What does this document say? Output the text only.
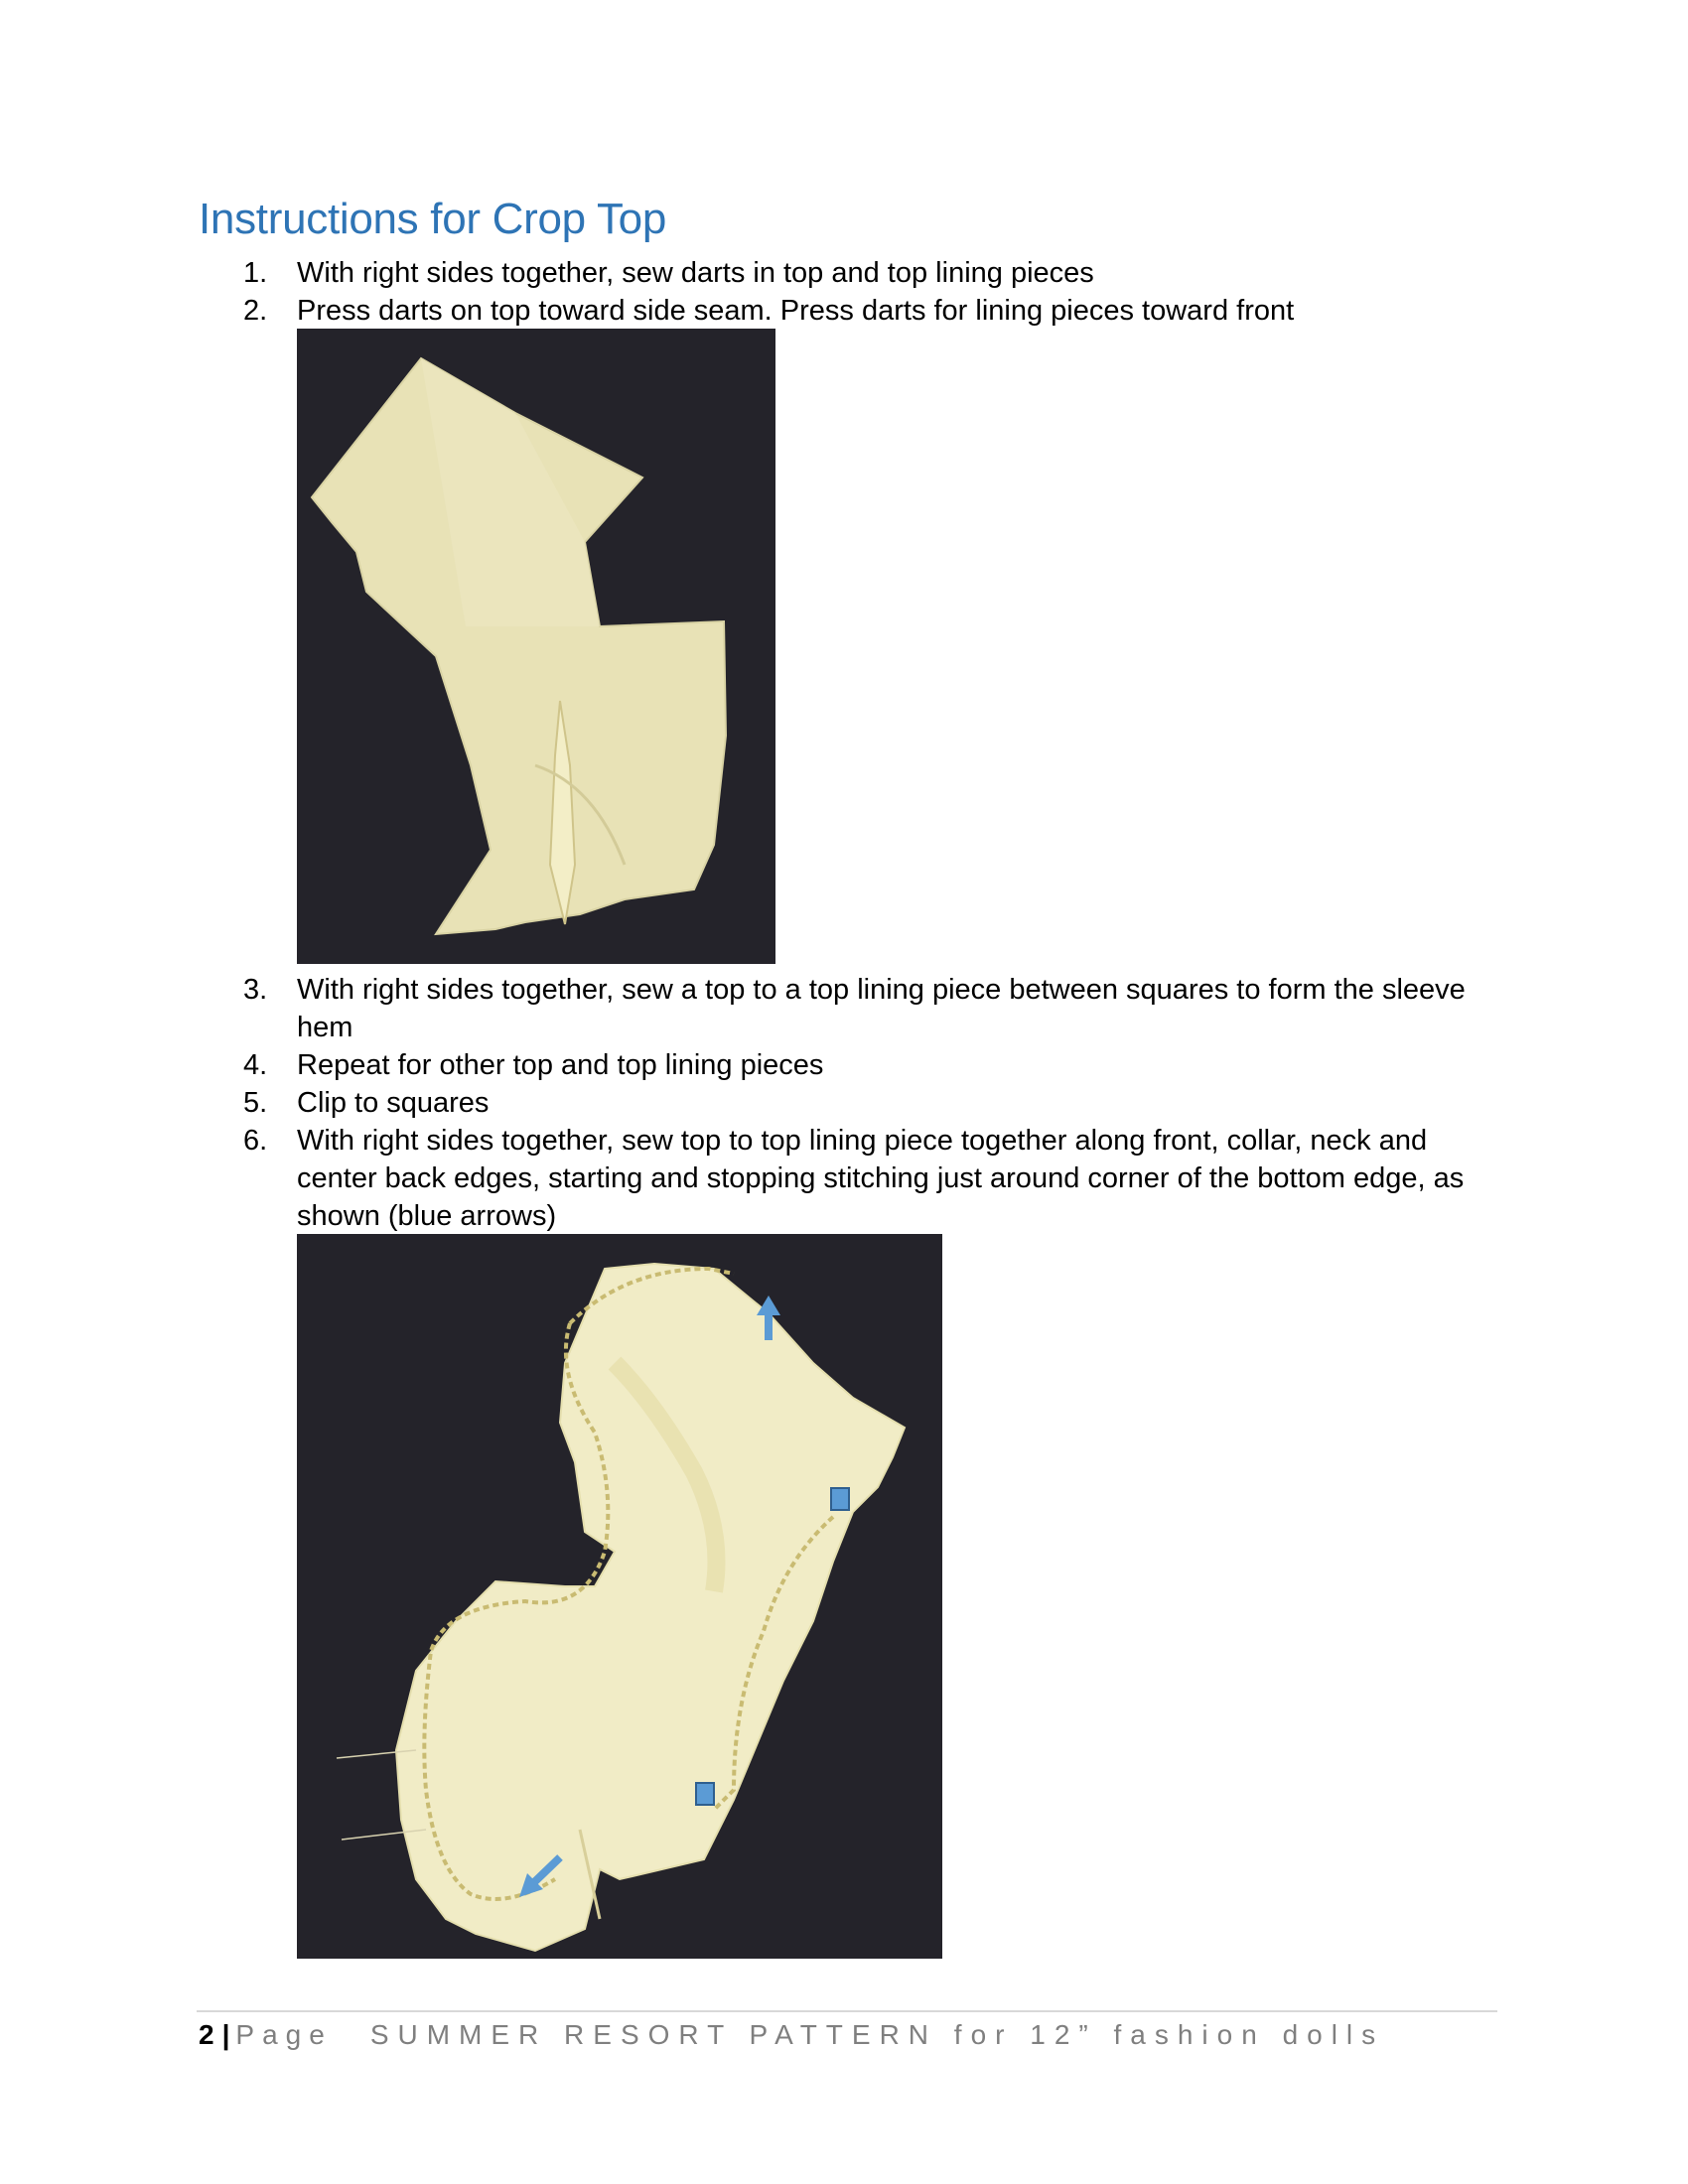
Instructions for Crop Top
1. With right sides together, sew darts in top and top lining pieces
2. Press darts on top toward side seam. Press darts for lining pieces toward front
3. With right sides together, sew a top to a top lining piece between squares to form the sleeve hem
4. Repeat for other top and top lining pieces
5. Clip to squares
6. With right sides together, sew top to top lining piece together along front, collar, neck and center back edges, starting and stopping stitching just around corner of the bottom edge, as shown (blue arrows)
2 | Page SUMMER RESORT PATTERN for 12” fashion dolls
